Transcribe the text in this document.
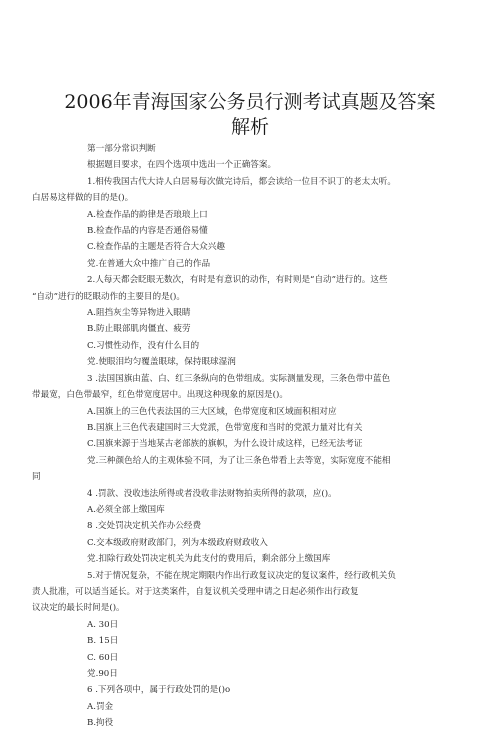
2006年青海国家公务员行测考试真题及答案
解析

第一部分常识判断

根据题目要求，在四个选项中选出一个正确答案。

1.相传我国古代大诗人白居易每次做完诗后，都会读给一位目不识丁的老太太听。

白居易这样做的目的是()。

A.检查作品的韵律是否琅琅上口

B.检查作品的内容是否通俗易懂

C.检查作品的主题是否符合大众兴趣

党.在普通大众中推广自己的作品

2.人每天都会眨眼无数次，有时是有意识的动作，有时则是“自动”进行的。这些

“自动”进行的眨眼动作的主要目的是()。

A.阻挡灰尘等异物进入眼睛

B.防止眼部肌肉僵直、疲劳

C.习惯性动作，没有什么目的

党.使眼泪均匀覆盖眼球，保持眼球湿润

3 .法国国旗由蓝、白、红三条纵向的色带组成。实际测量发现，三条色带中蓝色

带最宽，白色带最窄，红色带宽度居中。出现这种现象的原因是()。

A.国旗上的三色代表法国的三大区域，色带宽度和区域面积相对应

B.国旗上三色代表建国时三大党派，色带宽度和当时的党派力量对比有关

C.国旗来源于当地某古老部族的旗帜，为什么设计成这样，已经无法考证

党.三种颜色给人的主观体验不同，为了让三条色带看上去等宽，实际宽度不能相

同

4 .罚款、没收违法所得或者没收非法财物拍卖所得的款项，应()。

A.必须全部上缴国库

8 .交处罚决定机关作办公经费

C.交本级政府财政部门，列为本级政府财政收入

党.扣除行政处罚决定机关为此支付的费用后，剩余部分上缴国库

5.对于情况复杂，不能在规定期限内作出行政复议决定的复议案件，经行政机关负

责人批准，可以适当延长。对于这类案件，自复议机关受理申请之日起必须作出行政复

议决定的最长时间是()。

A. 30日

B. 15日

C. 60日

党.90日

6 .下列各项中，属于行政处罚的是()o

A.罚金

B.拘役
